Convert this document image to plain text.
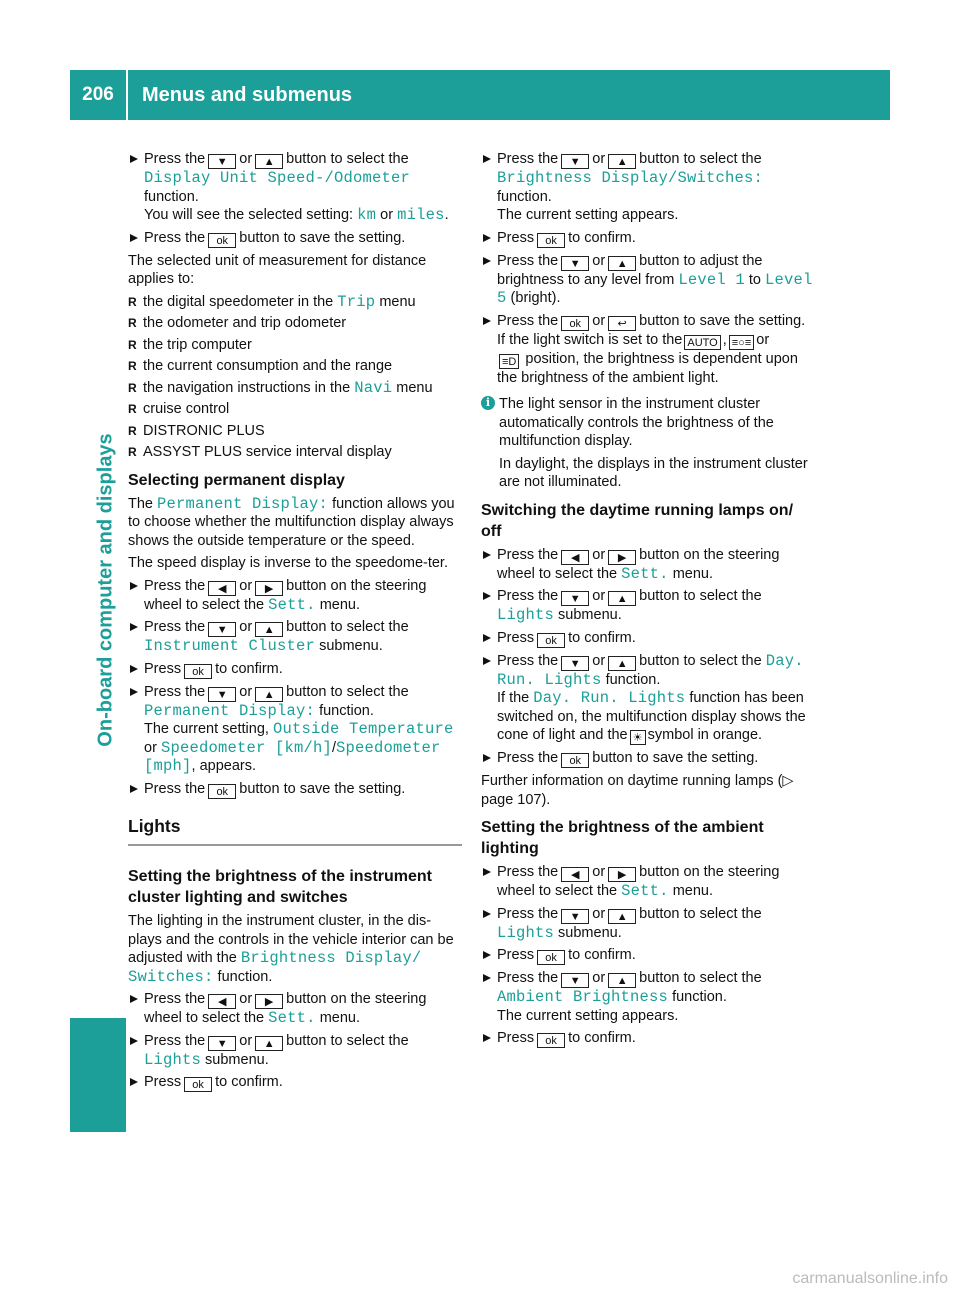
206	Menus and submenus
On-board computer and displays
Press the ▼ or ▲ button to select the Display Unit Speed-/Odometer function.
You will see the selected setting: km or miles.
Press the ok button to save the setting.

The selected unit of measurement for distance applies to:

R the digital speedometer in the Trip menu
R the odometer and trip odometer
R the trip computer
R the current consumption and the range
R the navigation instructions in the Navi menu
R cruise control
R DISTRONIC PLUS
R ASSYST PLUS service interval display
Selecting permanent display

The Permanent Display: function allows you to choose whether the multifunction display always shows the outside temperature or the speed.

The speed display is inverse to the speedome-ter.

Press the ◀ or ▶ button on the steering wheel to select the Sett. menu.
Press the ▼ or ▲ button to select the Instrument Cluster submenu.
Press ok to confirm.
Press the ▼ or ▲ button to select the Permanent Display: function.
The current setting, Outside Temperature or Speedometer [km/h]/Speedometer [mph], appears.
Press the ok button to save the setting.
Lights
Setting the brightness of the instrument cluster lighting and switches

The lighting in the instrument cluster, in the dis-plays and the controls in the vehicle interior can be adjusted with the Brightness Display/ Switches: function.

Press the ◀ or ▶ button on the steering wheel to select the Sett. menu.
Press the ▼ or ▲ button to select the Lights submenu.
Press ok to confirm.
Press the ▼ or ▲ button to select the Brightness Display/Switches: function.
The current setting appears.
Press ok to confirm.
Press the ▼ or ▲ button to adjust the brightness to any level from Level 1 to Level 5 (bright).
Press the ok or ↩ button to save the setting.
If the light switch is set to the AUTO , ≡○≡ or
≡D position, the brightness is dependent upon the brightness of the ambient light.
i The light sensor in the instrument cluster automatically controls the brightness of the multifunction display.

In daylight, the displays in the instrument cluster are not illuminated.

Switching the daytime running lamps on/ off
Press the ◀ or ▶ button on the steering wheel to select the Sett. menu.
Press the ▼ or ▲ button to select the Lights submenu.
Press ok to confirm.
Press the ▼ or ▲ button to select the Day. Run. Lights function.
If the Day. Run. Lights function has been switched on, the multifunction display shows the cone of light and the ☀ symbol in orange.
Press the ok button to save the setting.

Further information on daytime running lamps (▷ page 107).

Setting the brightness of the ambient lighting
Press the ◀ or ▶ button on the steering wheel to select the Sett. menu.
Press the ▼ or ▲ button to select the Lights submenu.
Press ok to confirm.
Press the ▼ or ▲ button to select the Ambient Brightness function.
The current setting appears.
Press ok to confirm.
carmanualsonline.info
